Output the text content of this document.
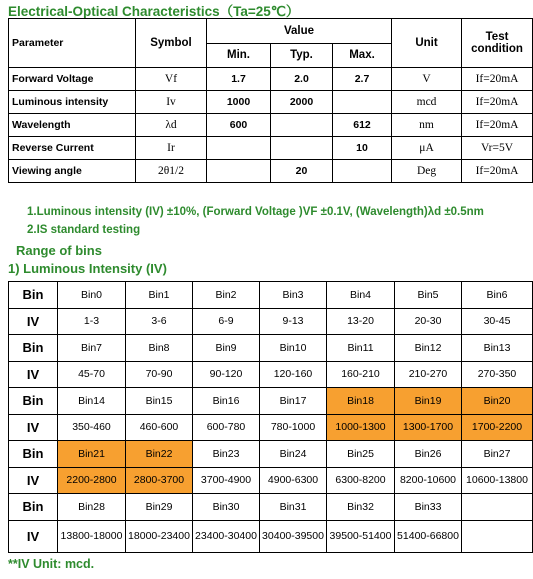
Electrical-Optical Characteristics（Ta=25℃）
Parameter	Symbol	Value			Unit	Test condition
		Min.	Typ.	Max.		
Forward Voltage	Vf	1.7	2.0	2.7	V	If=20mA
Luminous intensity	Iv	1000	2000		mcd	If=20mA
Wavelength	λd	600		612	nm	If=20mA
Reverse Current	Ir			10	μA	Vr=5V
Viewing angle	2θ1/2		20		Deg	If=20mA
1.Luminous intensity (IV) ±10%, (Forward Voltage )VF ±0.1V, (Wavelength)λd ±0.5nm
2.IS standard testing
Range of bins
1) Luminous Intensity (IV)
Bin	Bin0	Bin1	Bin2	Bin3	Bin4	Bin5	Bin6
IV	1-3	3-6	6-9	9-13	13-20	20-30	30-45
Bin	Bin7	Bin8	Bin9	Bin10	Bin11	Bin12	Bin13
IV	45-70	70-90	90-120	120-160	160-210	210-270	270-350
Bin	Bin14	Bin15	Bin16	Bin17	Bin18	Bin19	Bin20
IV	350-460	460-600	600-780	780-1000	1000-1300	1300-1700	1700-2200
Bin	Bin21	Bin22	Bin23	Bin24	Bin25	Bin26	Bin27
IV	2200-2800	2800-3700	3700-4900	4900-6300	6300-8200	8200-10600	10600-13800
Bin	Bin28	Bin29	Bin30	Bin31	Bin32	Bin33	
IV	13800-18000	18000-23400	23400-30400	30400-39500	39500-51400	51400-66800	
**IV Unit: mcd.
